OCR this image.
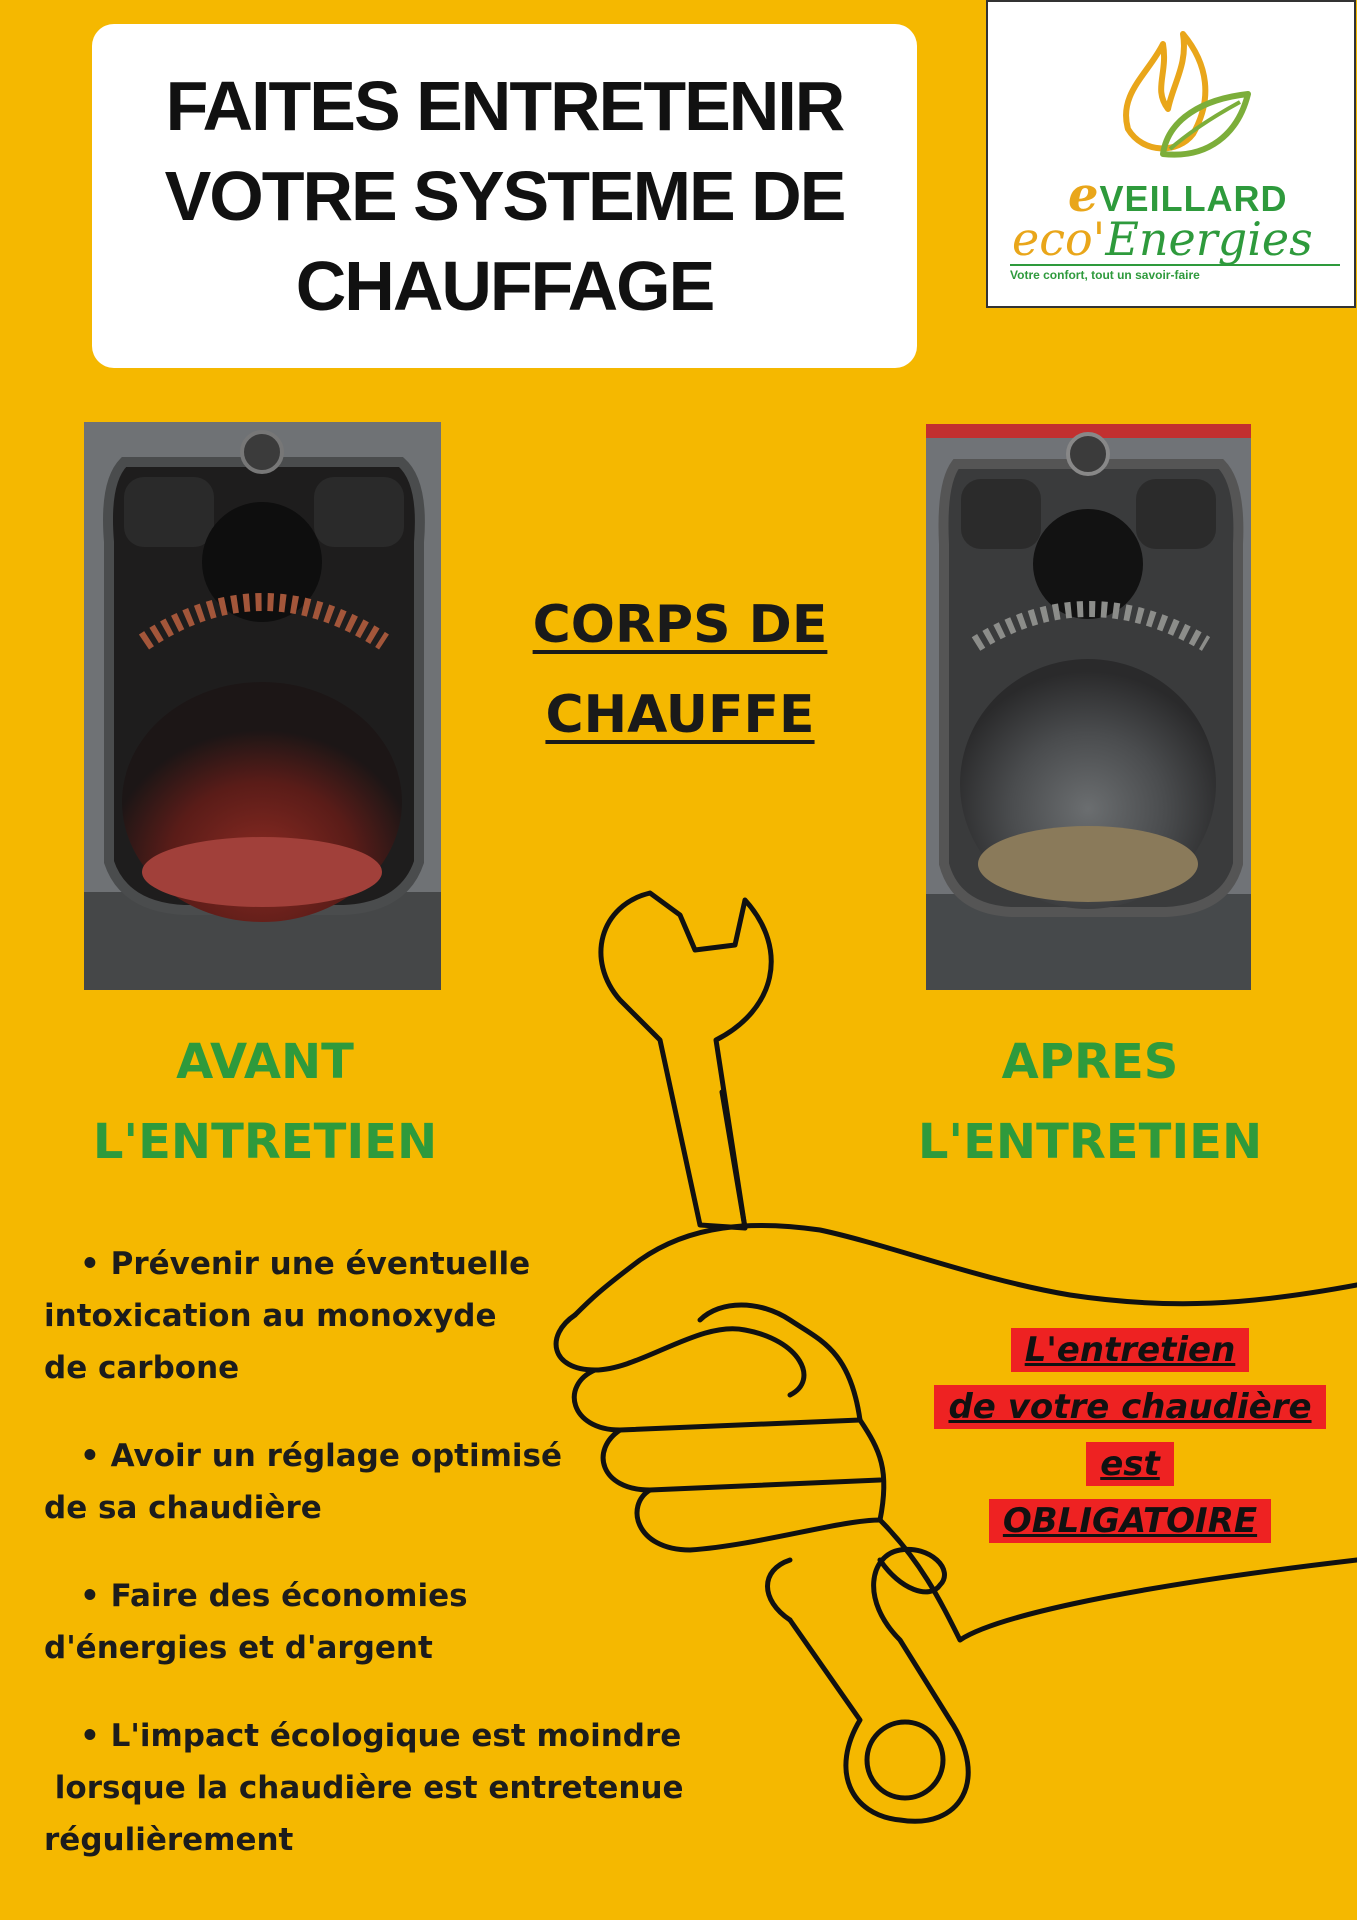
FAITES ENTRETENIR
VOTRE SYSTEME DE
CHAUFFAGE
eVEILLARD
eco'Energies
Votre confort, tout un savoir-faire
CORPS DE
CHAUFFE
AVANT
L'ENTRETIEN
APRES
L'ENTRETIEN
• Prévenir une éventuelle
intoxication au monoxyde
de carbone
• Avoir un réglage optimisé
de sa chaudière
• Faire des économies
d'énergies et d'argent
• L'impact écologique est moindre
lorsque la chaudière est entretenue
régulièrement
L'entretien
de votre chaudière
est
OBLIGATOIRE
